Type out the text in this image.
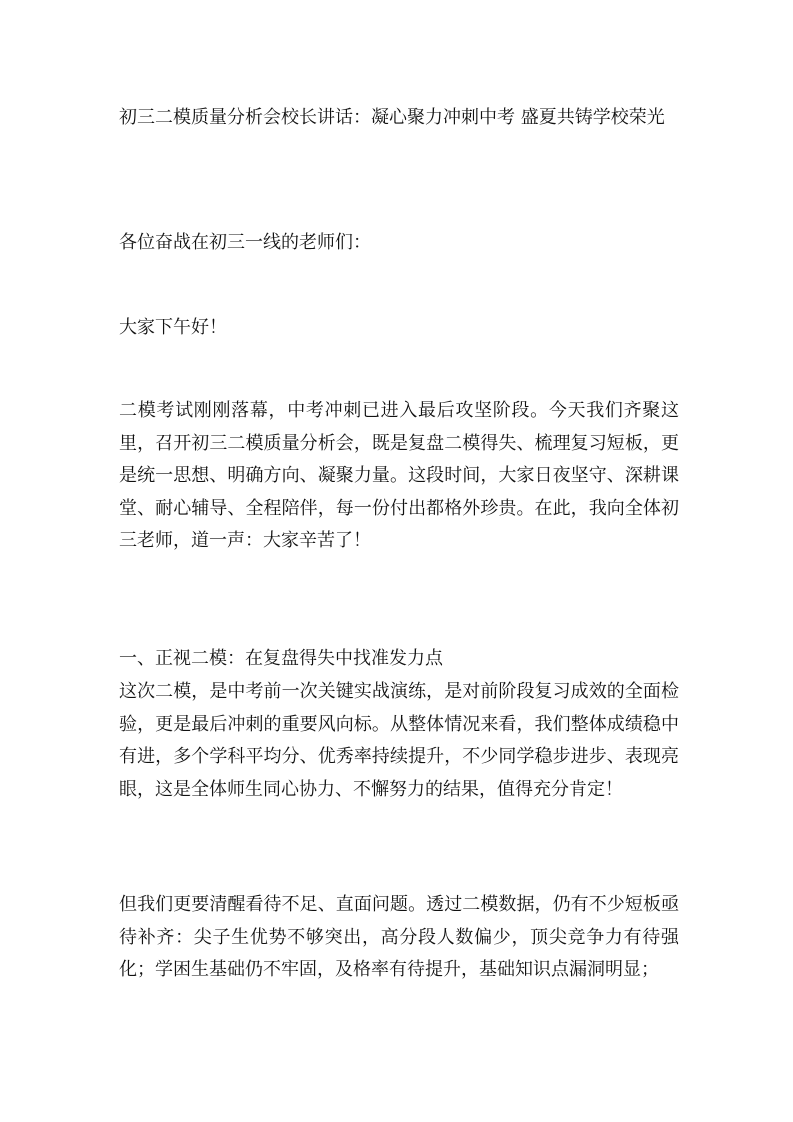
初三二模质量分析会校长讲话：凝心聚力冲刺中考 盛夏共铸学校荣光
各位奋战在初三一线的老师们：
大家下午好！
二模考试刚刚落幕，中考冲刺已进入最后攻坚阶段。今天我们齐聚这里，召开初三二模质量分析会，既是复盘二模得失、梳理复习短板，更是统一思想、明确方向、凝聚力量。这段时间，大家日夜坚守、深耕课堂、耐心辅导、全程陪伴，每一份付出都格外珍贵。在此，我向全体初三老师，道一声：大家辛苦了！
一、正视二模：在复盘得失中找准发力点
这次二模，是中考前一次关键实战演练，是对前阶段复习成效的全面检验，更是最后冲刺的重要风向标。从整体情况来看，我们整体成绩稳中有进，多个学科平均分、优秀率持续提升，不少同学稳步进步、表现亮眼，这是全体师生同心协力、不懈努力的结果，值得充分肯定！
但我们更要清醒看待不足、直面问题。透过二模数据，仍有不少短板亟待补齐：尖子生优势不够突出，高分段人数偏少，顶尖竞争力有待强化；学困生基础仍不牢固，及格率有待提升，基础知识点漏洞明显；
